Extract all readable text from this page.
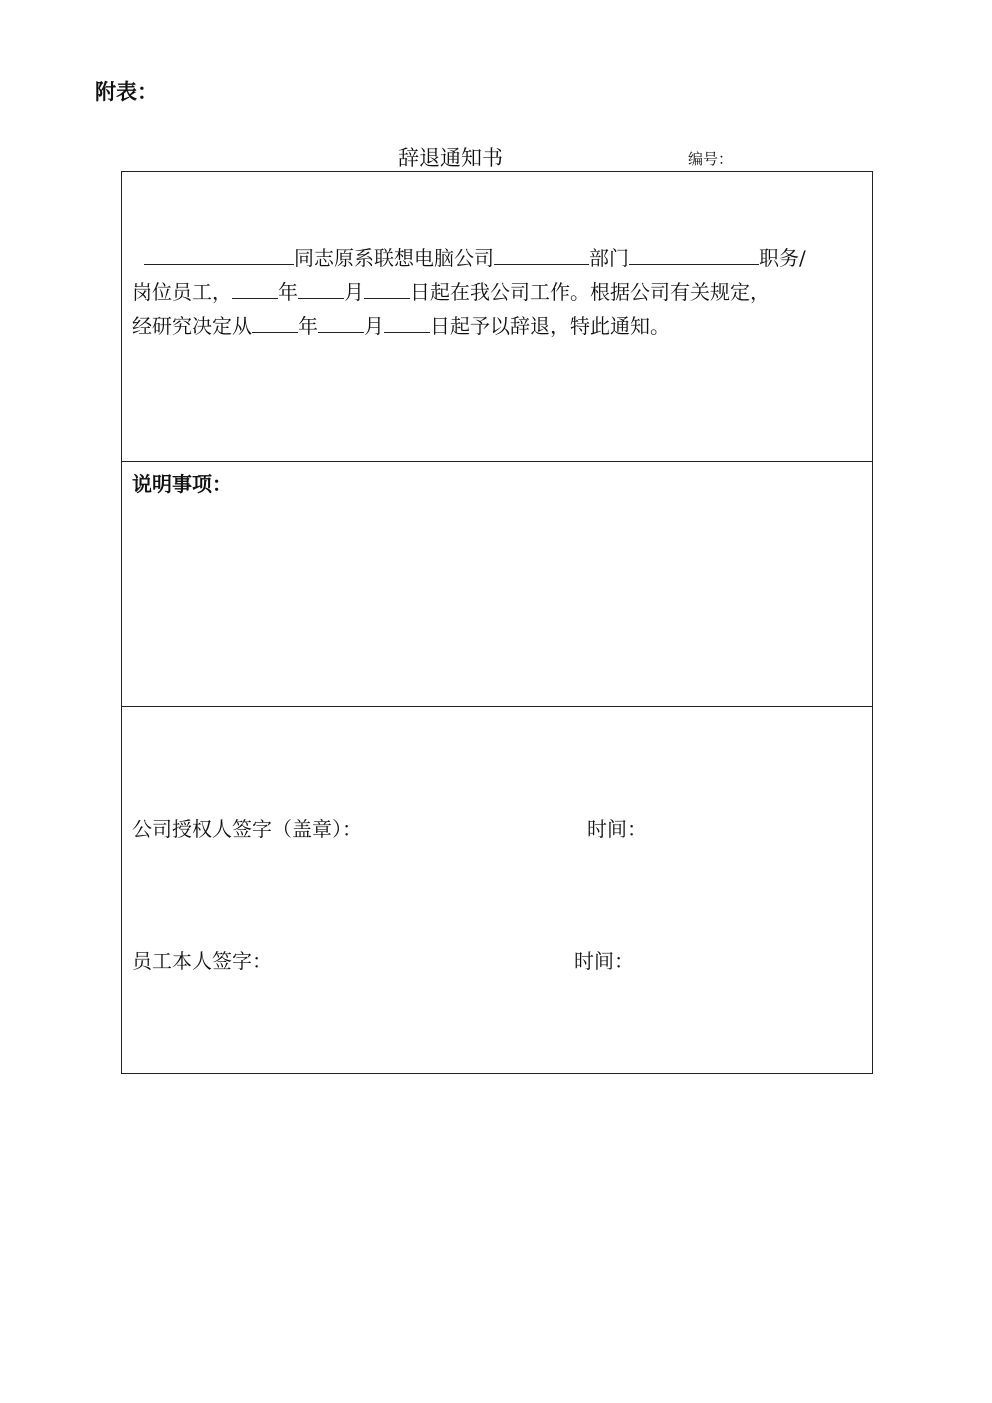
附表：
辞退通知书	编号：
同志原系联想电脑公司	部门	职务/
岗位员工， 年 月 日起在我公司工作。根据公司有关规定，
经研究决定从 年 月 日起予以辞退，特此通知。
说明事项：
公司授权人签字（盖章）：	时间：
员工本人签字：	时间：
